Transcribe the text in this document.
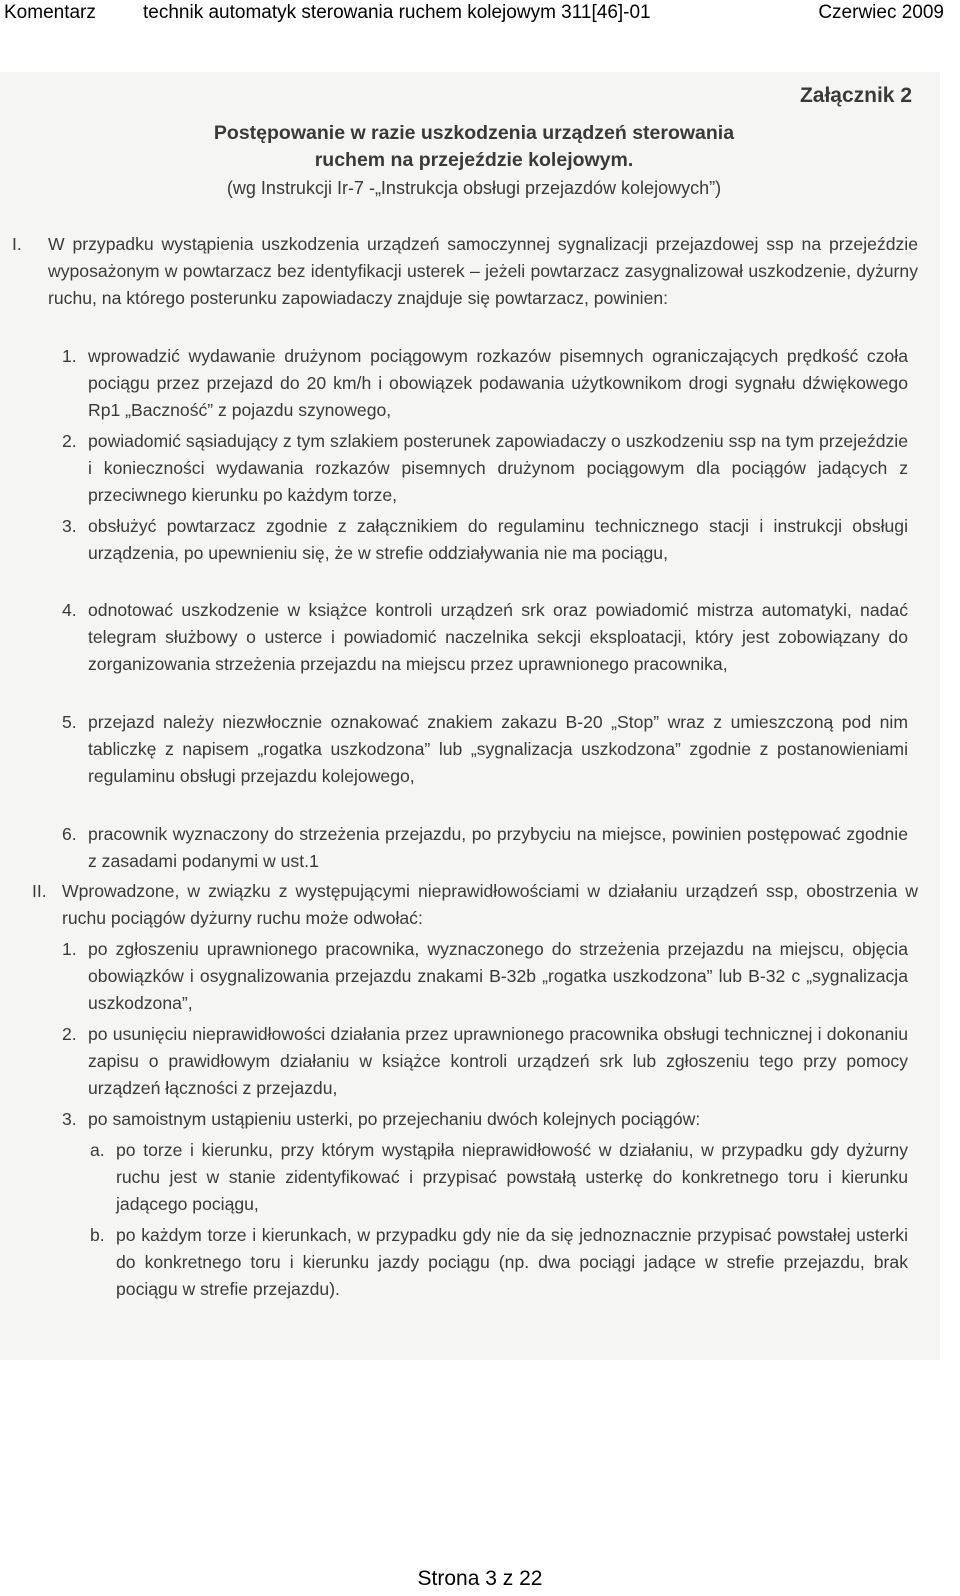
Komentarz technik automatyk sterowania ruchem kolejowym 311[46]-01	Czerwiec 2009
Załącznik 2
Postępowanie w razie uszkodzenia urządzeń sterowania
ruchem na przejeździe kolejowym.
(wg Instrukcji Ir-7 -„Instrukcja obsługi przejazdów kolejowych”)
I. W przypadku wystąpienia uszkodzenia urządzeń samoczynnej sygnalizacji przejazdowej ssp na przejeździe wyposażonym w powtarzacz bez identyfikacji usterek – jeżeli powtarzacz zasygnalizował uszkodzenie, dyżurny ruchu, na którego posterunku zapowiadaczy znajduje się powtarzacz, powinien:
1. wprowadzić wydawanie drużynom pociągowym rozkazów pisemnych ograniczających prędkość czoła pociągu przez przejazd do 20 km/h i obowiązek podawania użytkownikom drogi sygnału dźwiękowego Rp1 „Baczność” z pojazdu szynowego,
2. powiadomić sąsiadujący z tym szlakiem posterunek zapowiadaczy o uszkodzeniu ssp na tym przejeździe i konieczności wydawania rozkazów pisemnych drużynom pociągowym dla pociągów jadących z przeciwnego kierunku po każdym torze,
3. obsłużyć powtarzacz zgodnie z załącznikiem do regulaminu technicznego stacji i instrukcji obsługi urządzenia, po upewnieniu się, że w strefie oddziaływania nie ma pociągu,
4. odnotować uszkodzenie w książce kontroli urządzeń srk oraz powiadomić mistrza automatyki, nadać telegram służbowy o usterce i powiadomić naczelnika sekcji eksploatacji, który jest zobowiązany do zorganizowania strzeżenia przejazdu na miejscu przez uprawnionego pracownika,
5. przejazd należy niezwłocznie oznakować znakiem zakazu B-20 „Stop” wraz z umieszczoną pod nim tabliczkę z napisem „rogatka uszkodzona” lub „sygnalizacja uszkodzona” zgodnie z postanowieniami regulaminu obsługi przejazdu kolejowego,
6. pracownik wyznaczony do strzeżenia przejazdu, po przybyciu na miejsce, powinien postępować zgodnie z zasadami podanymi w ust.1
II. Wprowadzone, w związku z występującymi nieprawidłowościami w działaniu urządzeń ssp, obostrzenia w ruchu pociągów dyżurny ruchu może odwołać:
1. po zgłoszeniu uprawnionego pracownika, wyznaczonego do strzeżenia przejazdu na miejscu, objęcia obowiązków i osygnalizowania przejazdu znakami B-32b „rogatka uszkodzona” lub B-32 c „sygnalizacja uszkodzona”,
2. po usunięciu nieprawidłowości działania przez uprawnionego pracownika obsługi technicznej i dokonaniu zapisu o prawidłowym działaniu w książce kontroli urządzeń srk lub zgłoszeniu tego przy pomocy urządzeń łączności z przejazdu,
3. po samoistnym ustąpieniu usterki, po przejechaniu dwóch kolejnych pociągów:
a. po torze i kierunku, przy którym wystąpiła nieprawidłowość w działaniu, w przypadku gdy dyżurny ruchu jest w stanie zidentyfikować i przypisać powstałą usterkę do konkretnego toru i kierunku jadącego pociągu,
b. po każdym torze i kierunkach, w przypadku gdy nie da się jednoznacznie przypisać powstałej usterki do konkretnego toru i kierunku jazdy pociągu (np. dwa pociągi jadące w strefie przejazdu, brak pociągu w strefie przejazdu).
Strona 3 z 22
